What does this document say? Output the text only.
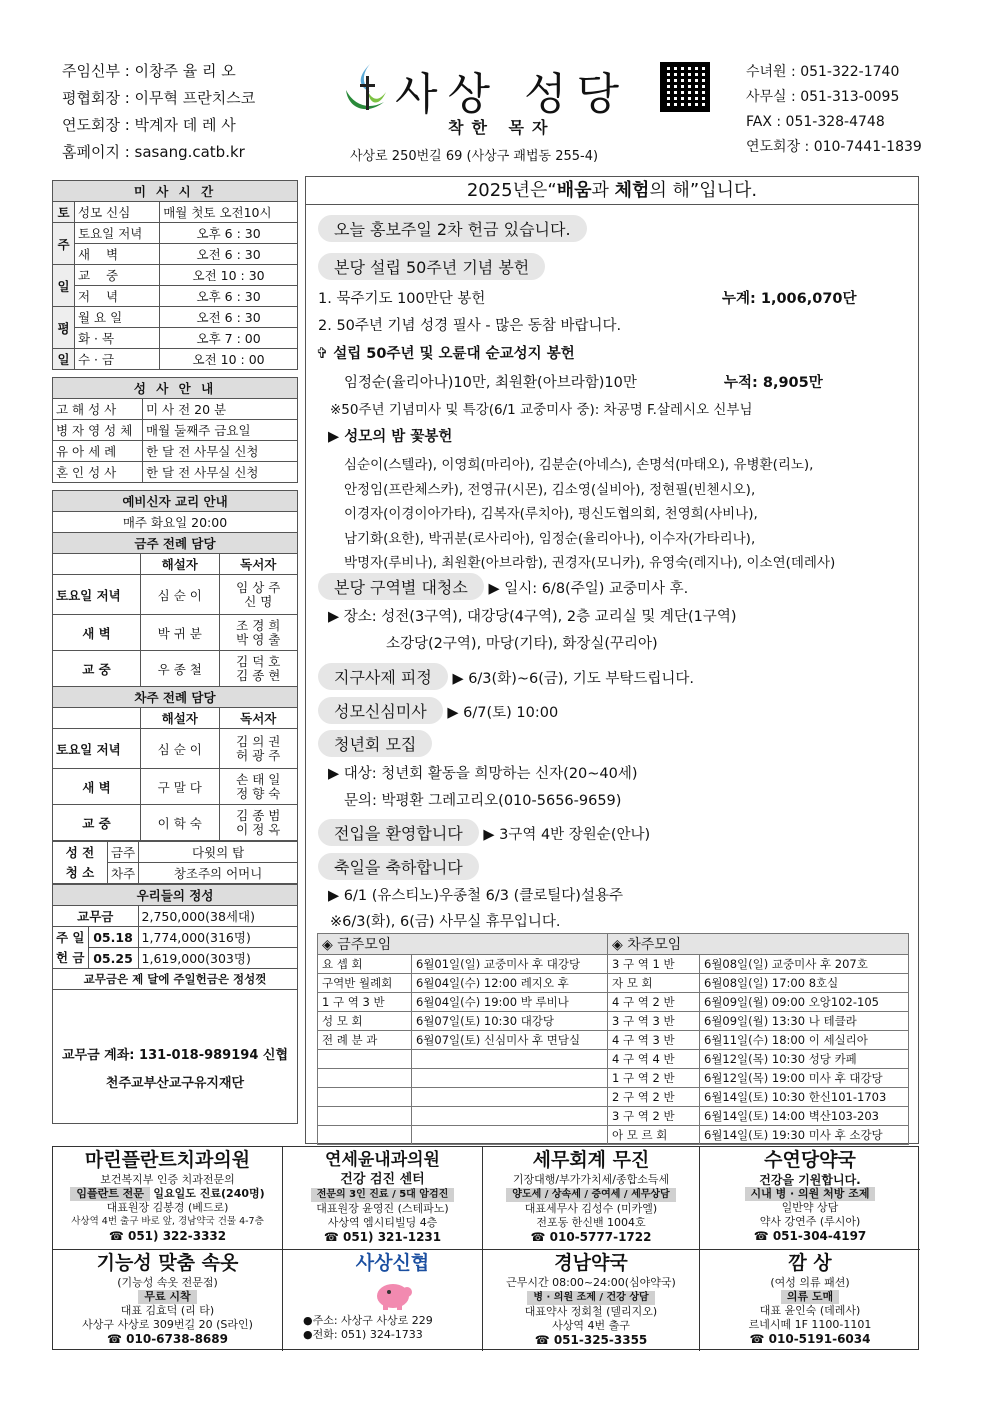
주임신부 : 이창주 율 리 오
평협회장 : 이무혁 프란치스코
연도회장 : 박계자 데 레 사
홈페이지 : sasang.catb.kr
사상 성당
착한 목자
사상로 250번길 69 (사상구 괘법동 255-4)
수녀원 : 051-322-1740
사무실 : 051-313-0095
FAX : 051-328-4748
연도회장 : 010-7441-1839
미 사 시 간		
토	성모 신심	매월 첫토 오전10시
주	토요일 저녁	오후 6 : 30
	새 벽	오전 6 : 30
일	교 중	오전 10 : 30
	저 녁	오후 6 : 30
평	월 요 일	오전 6 : 30
	화 · 목	오후 7 : 00
일	수 · 금	오전 10 : 00
성 사 안 내	
고 해 성 사	미 사 전 20 분
병 자 영 성 체	매월 둘째주 금요일
유 아 세 례	한 달 전 사무실 신청
혼 인 성 사	한 달 전 사무실 신청
예비신자 교리 안내		
매주 화요일 20:00		
금주 전례 담당		
	해설자	독서자
토요일 저녁	심 순 이	임 상 주
신 명

새 벽	박 귀 분	조 경 희
박 영 출

교 중	우 종 철	김 덕 호
김 종 현

차주 전례 담당		
	해설자	독서자
토요일 저녁	심 순 이	김 의 권
허 광 주

새 벽	구 말 다	손 태 일
정 향 숙

교 중	이 학 숙	김 종 범
이 정 옥
성 전
청 소	금주	다윗의 탑
	차주	창조주의 어머니
우리들의 정성		
교무금		2,750,000(38세대)

주 일
헌 금	05.18	1,774,000(316명)
	05.25	1,619,000(303명)
교무금은 제 달에 주일헌금은 정성껏		
교무금 계좌: 131-018-989194 신협
천주교부산교구유지재단
2025년은“배움과 체험의 해”입니다.
오늘 홍보주일 2차 헌금 있습니다.
본당 설립 50주년 기념 봉헌
1. 묵주기도 100만단 봉헌	누계: 1,006,070단
2. 50주년 기념 성경 필사 - 많은 동참 바랍니다.
✞ 설립 50주년 및 오륜대 순교성지 봉헌
임정순(율리아나)10만, 최원환(아브라함)10만	누적: 8,905만
※50주년 기념미사 및 특강(6/1 교중미사 중): 차공명 F.살레시오 신부님
▶ 성모의 밤 꽃봉헌
심순이(스텔라), 이영희(마리아), 김분순(아네스), 손명석(마태오), 유병환(리노),
안정임(프란체스카), 전영규(시몬), 김소영(실비아), 정현필(빈첸시오),
이경자(이경이아가타), 김복자(루치아), 평신도협의회, 천영희(사비나),
남기화(요한), 박귀분(로사리아), 임정순(율리아나), 이수자(가타리나),
박명자(루비나), 최원환(아브라함), 권경자(모니카), 유영숙(레지나), 이소연(데레사)
본당 구역별 대청소 ▶ 일시: 6/8(주일) 교중미사 후.
▶ 장소: 성전(3구역), 대강당(4구역), 2층 교리실 및 계단(1구역)
소강당(2구역), 마당(기타), 화장실(꾸리아)
지구사제 피정 ▶ 6/3(화)~6(금), 기도 부탁드립니다.
성모신심미사 ▶ 6/7(토) 10:00
청년회 모집
▶ 대상: 청년회 활동을 희망하는 신자(20~40세)
문의: 박평환 그레고리오(010-5656-9659)
전입을 환영합니다 ▶ 3구역 4반 장원순(안나)
축일을 축하합니다
▶ 6/1 (유스티노)우종철 6/3 (클로틸다)설용주
※6/3(화), 6(금) 사무실 휴무입니다.
◈ 금주모임		◈ 차주모임	
요 셉 회	6월01일(일) 교중미사 후 대강당	3 구 역 1 반	6월08일(일) 교중미사 후 207호
구역반 월례회	6월04일(수) 12:00 레지오 후	자 모 회	6월08일(일) 17:00 8호실
1 구 역 3 반	6월04일(수) 19:00 박 루비나	4 구 역 2 반	6월09일(월) 09:00 오앙102-105
성 모 회	6월07일(토) 10:30 대강당	3 구 역 3 반	6월09일(월) 13:30 나 테클라
전 례 분 과	6월07일(토) 신심미사 후 면담실	4 구 역 3 반	6월11일(수) 18:00 이 세실리아
		4 구 역 4 반	6월12일(목) 10:30 성당 카페
		1 구 역 2 반	6월12일(목) 19:00 미사 후 대강당
		2 구 역 2 반	6월14일(토) 10:30 한신101-1703
		3 구 역 2 반	6월14일(토) 14:00 벽산103-203
		아 모 르 회	6월14일(토) 19:30 미사 후 소강당
마린플란트치과의원
보건복지부 인증 치과전문의
임플란트 전문 일요일도 진료(240명)
대표원장 김봉경 (베드로)
사상역 4번 출구 바로 앞, 경남약국 건물 4-7층
☎ 051) 322-3332
연세윤내과의원
건강 검진 센터
전문의 3인 진료 / 5대 암검진
대표원장 윤영진 (스테파노)
사상역 엠시티빌딩 4층
☎ 051) 321-1231
세무회계 무진
기장대행/부가가치세/종합소득세
양도세 / 상속세 / 증여세 / 세무상담
대표세무사 김성수 (미카엘)
전포동 한신밴 1004호
☎ 010-5777-1722
수연당약국
건강을 기원합니다.
시내 병 · 의원 처방 조제
일반약 상담
약사 강연주 (루시아)
☎ 051-304-4197
기능성 맞춤 속옷
(기능성 속옷 전문점)
무료 시착
대표 김효덕 (리 타)
사상구 사상로 309번길 20 (S라인)
☎ 010-6738-8689
사상신협
●주소: 사상구 사상로 229
●전화: 051) 324-1733
경남약국
근무시간 08:00~24:00(심야약국)
병 · 의원 조제 / 건강 상담
대표약사 정회철 (델리지오)
사상역 4번 출구
☎ 051-325-3355
깜 상
(여성 의류 패션)
의류 도매
대표 윤인숙 (데레사)
르네시떼 1F 1100-1101
☎ 010-5191-6034
